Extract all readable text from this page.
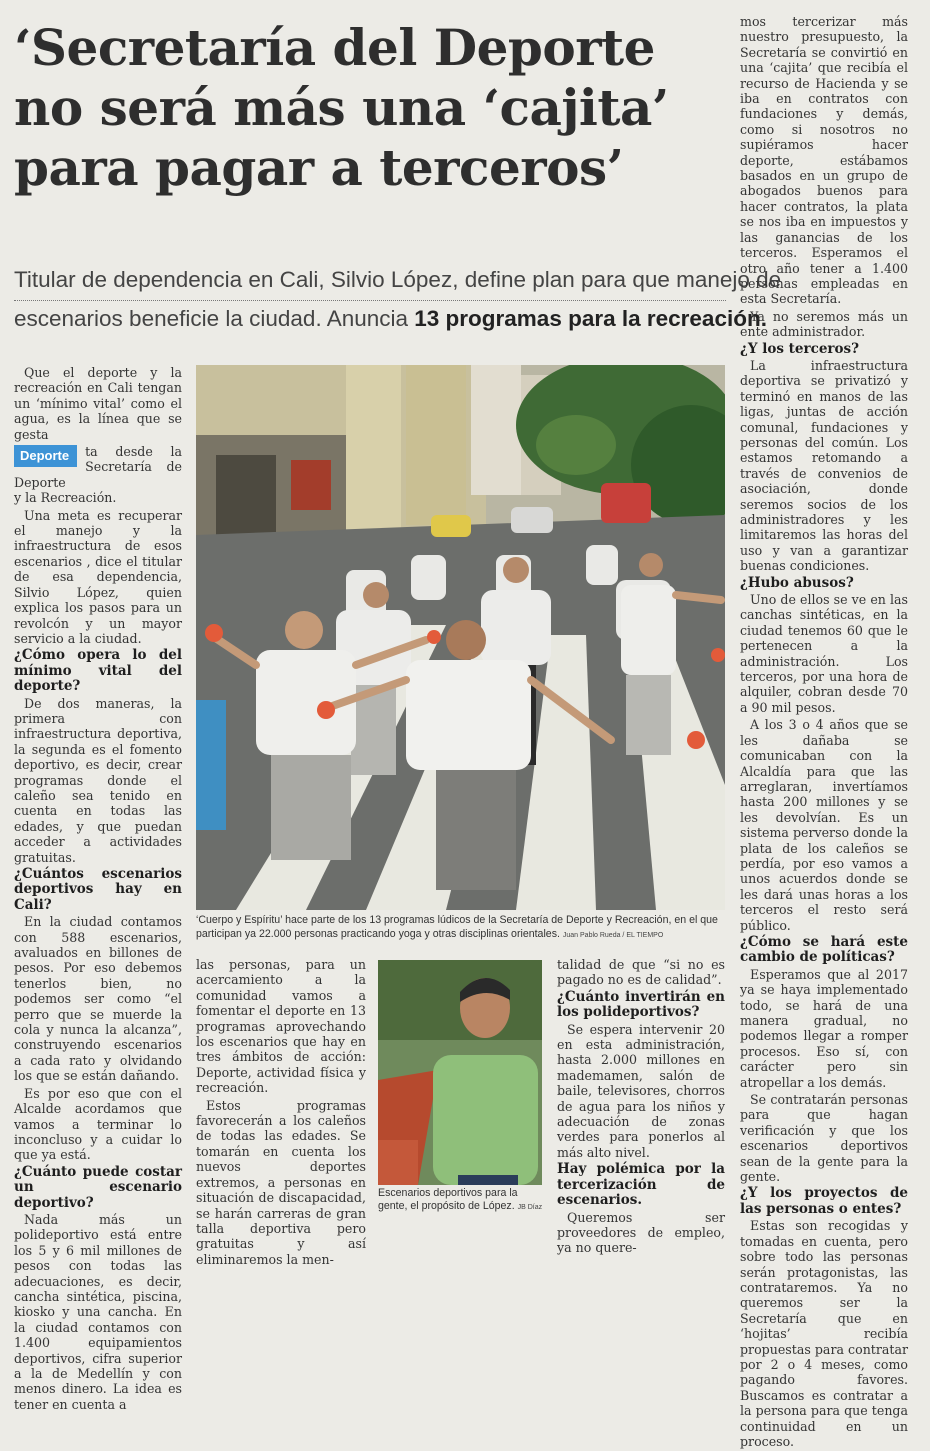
‘Secretaría del Deporte
no será más una ‘cajita’
para pagar a terceros’
Titular de dependencia en Cali, Silvio López, define plan para que manejo de
escenarios beneficie la ciudad. Anuncia 13 programas para la recreación.

Que el deporte y la recreación en Cali tengan un ‘mínimo vital’ como el agua, es la línea que se gesta

Deporte	ta desde la Secretaría de Deporte

y la Recreación.

Una meta es recuperar el manejo y la infraestructura de esos escenarios , dice el titular de esa dependencia, Silvio López, quien explica los pasos para un revolcón y un mayor servicio a la ciudad.

¿Cómo opera lo del mínimo vital del deporte?

De dos maneras, la primera con infraestructura deportiva, la segunda es el fomento deportivo, es decir, crear programas donde el caleño sea tenido en cuenta en todas las edades, y que puedan acceder a actividades gratuitas.

¿Cuántos escenarios deportivos hay en Cali?

En la ciudad contamos con 588 escenarios, avaluados en billones de pesos. Por eso debemos tenerlos bien, no podemos ser como “el perro que se muerde la cola y nunca la alcanza”, construyendo escenarios a cada rato y olvidando los que se están dañando.

Es por eso que con el Alcalde acordamos que vamos a terminar lo inconcluso y a cuidar lo que ya está.

¿Cuánto puede costar un escenario deportivo?

Nada más un polideportivo está entre los 5 y 6 mil millones de pesos con todas las adecuaciones, es decir, cancha sintética, piscina, kiosko y una cancha. En la ciudad contamos con 1.400 equipamientos deportivos, cifra superior a la de Medellín y con menos dinero. La idea es tener en cuenta a

‘Cuerpo y Espíritu’ hace parte de los 13 programas lúdicos de la Secretaría de Deporte y Recreación, en el que participan ya 22.000 personas practicando yoga y otras disciplinas orientales. Juan Pablo Rueda / EL TIEMPO

las personas, para un acercamiento a la comunidad vamos a fomentar el deporte en 13 programas aprovechando los escenarios que hay en tres ámbitos de acción: Deporte, actividad física y recreación.

Estos programas favorecerán a los caleños de todas las edades. Se tomarán en cuenta los nuevos deportes extremos, a personas en situación de discapacidad, se harán carreras de gran talla deportiva pero gratuitas y así eliminaremos la men-

Escenarios deportivos para la gente, el propósito de López. JB Díaz

talidad de que “si no es pagado no es de calidad”.

¿Cuánto invertirán en los polideportivos?

Se espera intervenir 20 en esta administración, hasta 2.000 millones en mademamen, salón de baile, televisores, chorros de agua para los niños y adecuación de zonas verdes para ponerlos al más alto nivel.

Hay polémica por la tercerización de escenarios.

Queremos ser proveedores de empleo, ya no quere-

mos tercerizar más nuestro presupuesto, la Secretaría se convirtió en una ‘cajita’ que recibía el recurso de Hacienda y se iba en contratos con fundaciones y demás, como si nosotros no supiéramos hacer deporte, estábamos basados en un grupo de abogados buenos para hacer contratos, la plata se nos iba en impuestos y las ganancias de los terceros. Esperamos el otro año tener a 1.400 personas empleadas en esta Secretaría.

Ya no seremos más un ente administrador.

¿Y los terceros?

La infraestructura deportiva se privatizó y terminó en manos de las ligas, juntas de acción comunal, fundaciones y personas del común. Los estamos retomando a través de convenios de asociación, donde seremos socios de los administradores y les limitaremos las horas del uso y van a garantizar buenas condiciones.

¿Hubo abusos?

Uno de ellos se ve en las canchas sintéticas, en la ciudad tenemos 60 que le pertenecen a la administración. Los terceros, por una hora de alquiler, cobran desde 70 a 90 mil pesos.

A los 3 o 4 años que se les dañaba se comunicaban con la Alcaldía para que las arreglaran, invertíamos hasta 200 millones y se les devolvían. Es un sistema perverso donde la plata de los caleños se perdía, por eso vamos a unos acuerdos donde se les dará unas horas a los terceros el resto será público.

¿Cómo se hará este cambio de políticas?

Esperamos que al 2017 ya se haya implementado todo, se hará de una manera gradual, no podemos llegar a romper procesos. Eso sí, con carácter pero sin atropellar a los demás.

Se contratarán personas para que hagan verificación y que los escenarios deportivos sean de la gente para la gente.

¿Y los proyectos de las personas o entes?

Estas son recogidas y tomadas en cuenta, pero sobre todo las personas serán protagonistas, las contrataremos. Ya no queremos ser la Secretaría que en ‘hojitas’ recibía propuestas para contratar por 2 o 4 meses, como pagando favores. Buscamos es contratar a la persona para que tenga continuidad en un proceso.
